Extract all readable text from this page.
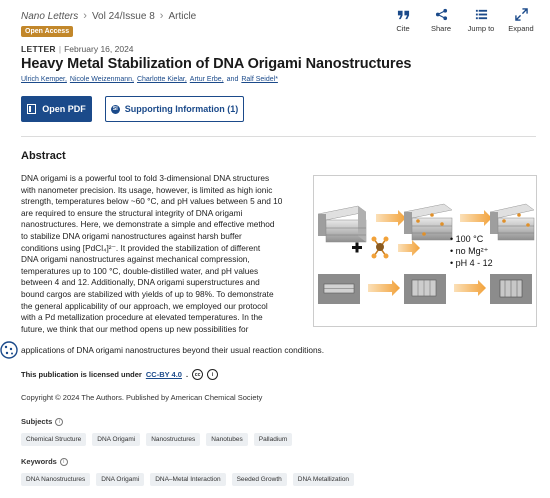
Nano Letters › Vol 24/Issue 8 › Article
Open Access	Cite	Share Jump to Expand
LETTER | February 16, 2024
Heavy Metal Stabilization of DNA Origami Nanostructures
Ulrich Kemper, Nicole Weizenmann, Charlotte Kielar, Artur Erbe, and Ralf Seidel*
Open PDF	SI Supporting Information (1)
Abstract
DNA origami is a powerful tool to fold 3-dimensional DNA structures
with nanometer precision. Its usage, however, is limited as high ionic
strength, temperatures below ~60 °C, and pH values between 5 and 10
are required to ensure the structural integrity of DNA origami
nanostructures. Here, we demonstrate a simple and effective method
to stabilize DNA origami nanostructures against harsh buffer
conditions using [PdCl₄]²⁻. It provided the stabilization of different
DNA origami nanostructures against mechanical compression,
temperatures up to 100 °C, double-distilled water, and pH values
between 4 and 12. Additionally, DNA origami superstructures and
bound cargos are stabilized with yields of up to 98%. To demonstrate
the general applicability of our approach, we employed our protocol
with a Pd metallization procedure at elevated temperatures. In the
future, we think that our method opens up new possibilities for
applications of DNA origami nanostructures beyond their usual reaction conditions.
• 100 °C
• no Mg²⁺
• pH 4 - 12
This publication is licensed under CC-BY 4.0 .	cc	i
Copyright © 2024 The Authors. Published by American Chemical Society
Subjects	i
Chemical Structure	DNA Origami	Nanostructures	Nanotubes	Palladium
Keywords	i
DNA Nanostructures	DNA Origami	DNA–Metal Interaction	Seeded Growth	DNA Metallization
